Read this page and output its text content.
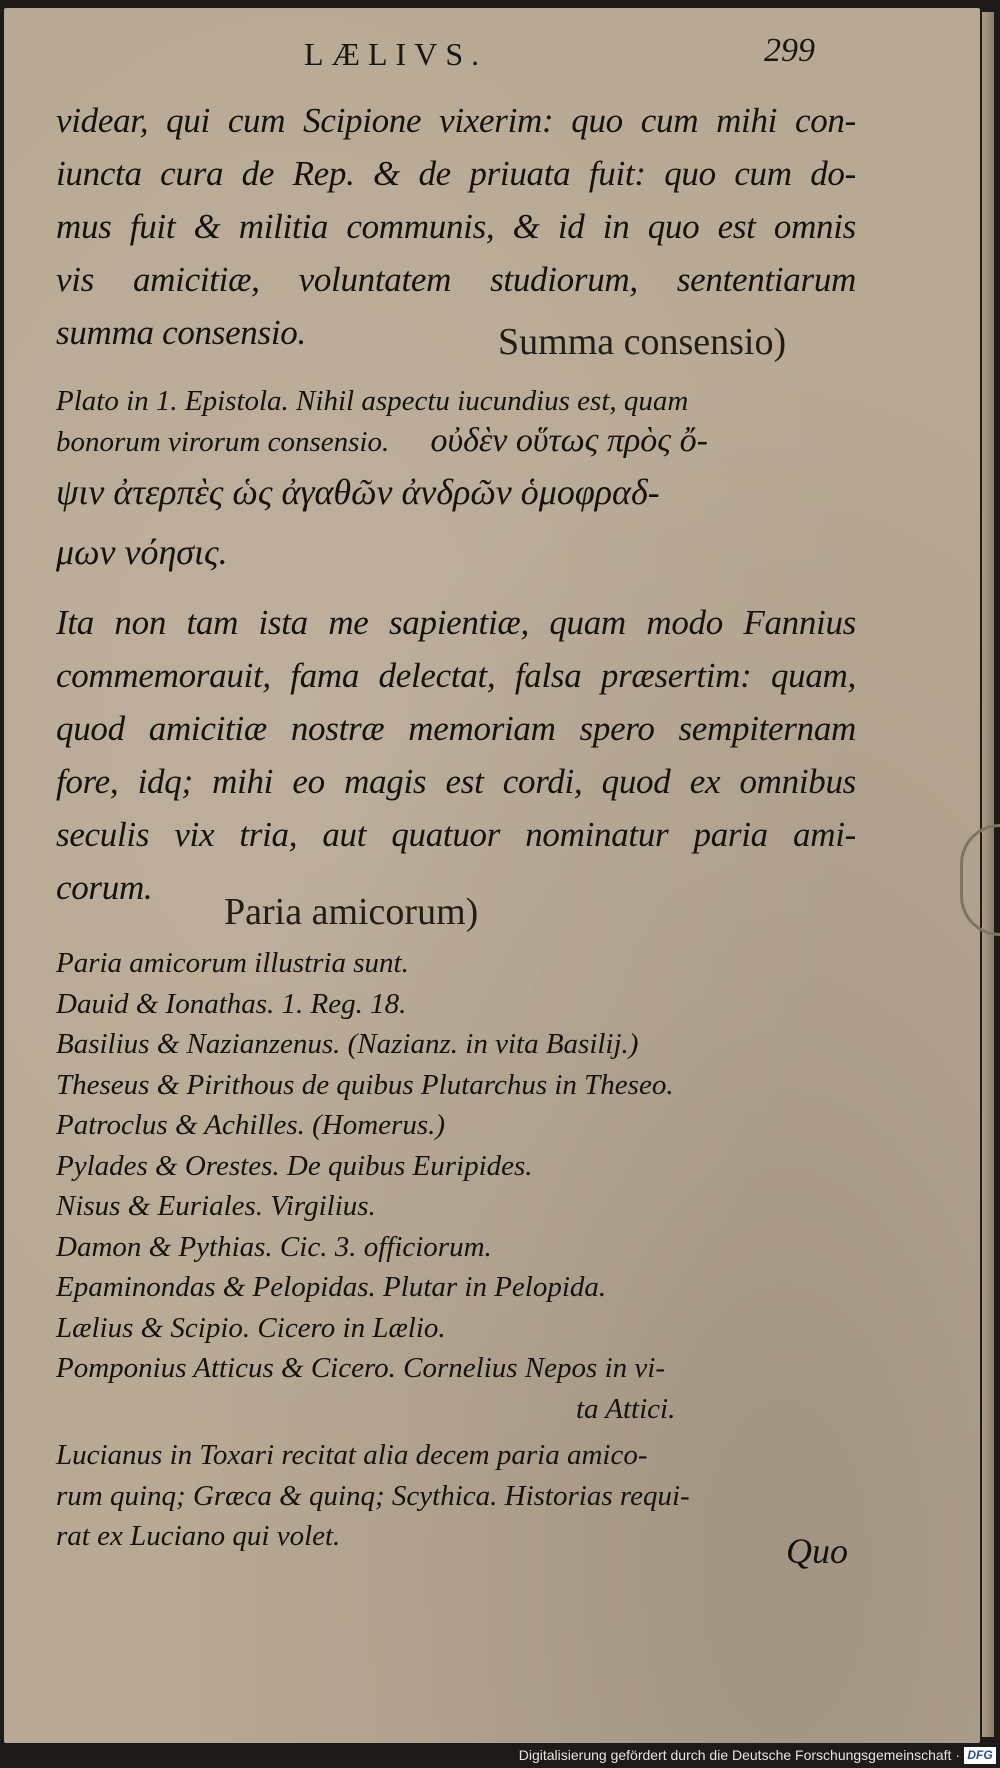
LÆLIVS.	299
videar, qui cum Scipione vixerim: quo cum mihi con-
iuncta cura de Rep. & de priuata fuit: quo cum do-
mus fuit & militia communis, & id in quo est omnis
vis amicitiæ, voluntatem studiorum, sententiarum
summa consensio.	Summa consensio)
Plato in 1. Epistola. Nihil aspectu iucundius est, quam
bonorum virorum consensio. οὐδὲν οὕτως πρὸς ὄ-
ψιν ἀτερπὲς ὡς ἀγαθῶν ἀνδρῶν ὁμοφραδ-
μων νόησις.
Ita non tam ista me sapientiæ, quam modo Fannius
commemorauit, fama delectat, falsa præsertim: quam,
quod amicitiæ nostræ memoriam spero sempiternam
fore, idq; mihi eo magis est cordi, quod ex omnibus
seculis vix tria, aut quatuor nominatur paria ami-
corum.
Paria amicorum)
Paria amicorum illustria sunt.
Dauid & Ionathas. 1. Reg. 18.
Basilius & Nazianzenus. (Nazianz. in vita Basilij.)
Theseus & Pirithous de quibus Plutarchus in Theseo.
Patroclus & Achilles. (Homerus.)
Pylades & Orestes. De quibus Euripides.
Nisus & Euriales. Virgilius.
Damon & Pythias. Cic. 3. officiorum.
Epaminondas & Pelopidas. Plutar in Pelopida.
Lælius & Scipio. Cicero in Lælio.
Pomponius Atticus & Cicero. Cornelius Nepos in vi-
ta Attici.
Lucianus in Toxari recitat alia decem paria amico-
rum quinq; Græca & quinq; Scythica. Historias requi-
rat ex Luciano qui volet.	Quo
Digitalisierung gefördert durch die Deutsche Forschungsgemeinschaft · DFG
